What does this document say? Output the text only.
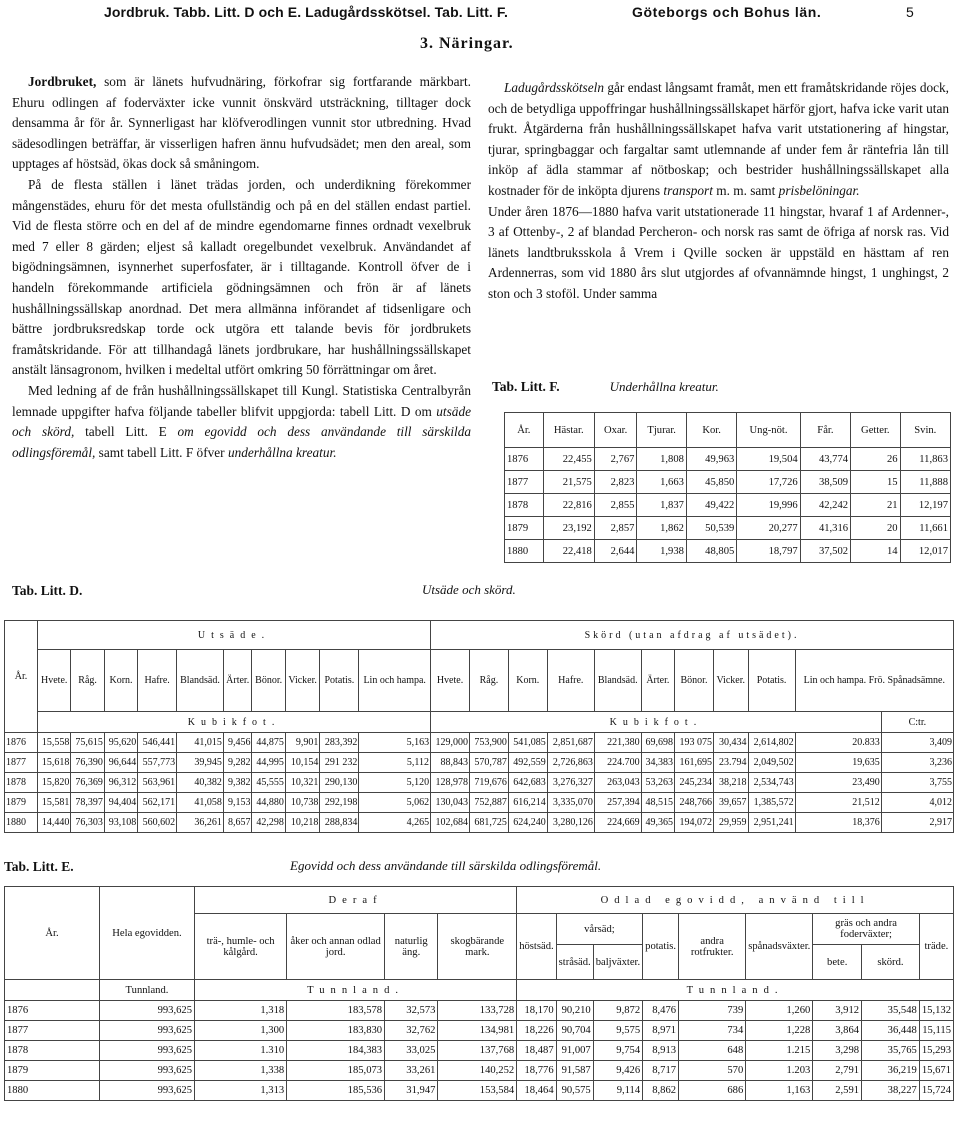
Jordbruk. Tabb. Litt. D och E. Ladugårdsskötsel. Tab. Litt. F.	Göteborgs och Bohus län.	5
3. Näringar.

Jordbruket, som är länets hufvudnäring, förkofrar sig fortfarande märkbart. Ehuru odlingen af foderväxter icke vunnit önskvärd utsträckning, tilltager dock densamma år för år. Synnerligast har klöfverodlingen vunnit stor utbredning. Hvad sädesodlingen beträffar, är visserligen hafren ännu hufvudsädet; men den areal, som upptages af höstsäd, ökas dock så småningom.

På de flesta ställen i länet trädas jorden, och underdikning förekommer mångenstädes, ehuru för det mesta ofullständig och på en del ställen endast partiel. Vid de flesta större och en del af de mindre egendomarne finnes ordnadt vexelbruk med 7 eller 8 gärden; eljest så kalladt oregelbundet vexelbruk. Användandet af bigödningsämnen, isynnerhet superfosfater, är i tilltagande. Kontroll öfver de i handeln förekommande artificiela gödningsämnen och frön är af länets hushållningssällskap anordnad. Det mera allmänna införandet af tidsenligare och bättre jordbruksredskap torde ock utgöra ett talande bevis för jordbrukets framåtskridande. För att tillhandagå länets jordbrukare, har hushållningssällskapet anstält länsagronom, hvilken i medeltal utfört omkring 50 förrättningar om året.

Med ledning af de från hushållningssällskapet till Kungl. Statistiska Centralbyrån lemnade uppgifter hafva följande tabeller blifvit uppgjorda: tabell Litt. D om utsäde och skörd, tabell Litt. E om egovidd och dess användande till särskilda odlingsföremål, samt tabell Litt. F öfver underhållna kreatur.

Ladugårdsskötseln går endast långsamt framåt, men ett framåtskridande röjes dock, och de betydliga uppoffringar hushållningssällskapet härför gjort, hafva icke varit utan frukt. Åtgärderna från hushållningssällskapet hafva varit utstationering af hingstar, tjurar, springbaggar och fargaltar samt utlemnande af under fem år räntefria lån till inköp af ädla stammar af nötboskap; och bestrider hushållningssällskapet alla kostnader för de inköpta djurens transport m. m. samt prisbelöningar.

Under åren 1876—1880 hafva varit utstationerade 11 hingstar, hvaraf 1 af Ardenner-, 3 af Ottenby-, 2 af blandad Percheron- och norsk ras samt de öfriga af norsk ras. Vid länets landtbruksskola å Vrem i Qville socken är uppstäld en hästtam af ren Ardennerras, som vid 1880 års slut utgjordes af ofvannämnde hingst, 1 unghingst, 2 ston och 3 stoföl. Under samma

Tab. Litt. F.	Underhållna kreatur.
År.	Hästar.	Oxar.	Tjurar.	Kor.	Ung-nöt.	Får.	Getter.	Svin.
1876	22,455	2,767	1,808	49,963	19,504	43,774	26	11,863
1877	21,575	2,823	1,663	45,850	17,726	38,509	15	11,888
1878	22,816	2,855	1,837	49,422	19,996	42,242	21	12,197
1879	23,192	2,857	1,862	50,539	20,277	41,316	20	11,661
1880	22,418	2,644	1,938	48,805	18,797	37,502	14	12,017
Tab. Litt. D.	Utsäde och skörd.
År.	Utsäde.										Skörd (utan afdrag af utsädet).										
	Hvete.	Råg.	Korn.	Hafre.	Blandsäd.	Ärter.	Bönor.	Vicker.	Potatis.	Lin och hampa.	Hvete.	Råg.	Korn.	Hafre.	Blandsäd.	Ärter.	Bönor.	Vicker.	Potatis.	Lin och hampa. Frö. Spånadsämne.	
	Kubikfot.										Kubikfot.										C:tr.
1876	15,558	75,615	95,620	546,441	41,015	9,456	44,875	9,901	283,392	5,163	129,000	753,900	541,085	2,851,687	221,380	69,698	193 075	30,434	2,614,802	20.833	3,409
1877	15,618	76,390	96,644	557,773	39,945	9,282	44,995	10,154	291 232	5,112	88,843	570,787	492,559	2,726,863	224.700	34,383	161,695	23.794	2,049,502	19,635	3,236
1878	15,820	76,369	96,312	563,961	40,382	9,382	45,555	10,321	290,130	5,120	128,978	719,676	642,683	3,276,327	263,043	53,263	245,234	38,218	2,534,743	23,490	3,755
1879	15,581	78,397	94,404	562,171	41,058	9,153	44,880	10,738	292,198	5,062	130,043	752,887	616,214	3,335,070	257,394	48,515	248,766	39,657	1,385,572	21,512	4,012
1880	14,440	76,303	93,108	560,602	36,261	8,657	42,298	10,218	288,834	4,265	102,684	681,725	624,240	3,280,126	224,669	49,365	194,072	29,959	2,951,241	18,376	2,917
Tab. Litt. E.	Egovidd och dess användande till särskilda odlingsföremål.
År.	Hela egovidden.	Deraf				Odlad egovidd, använd till								
		trä-, humle- och kålgård.	åker och annan odlad jord.	naturlig äng.	skogbärande mark.	höstsäd.	vårsäd;		potatis.	andra rotfrukter.	spånadsväxter.	gräs och andra foderväxter;		träde.
							stråsäd.	baljväxter.				bete.	skörd.	
	Tunnland.	Tunnland.				Tunnland.								
1876	993,625	1,318	183,578	32,573	133,728	18,170	90,210	9,872	8,476	739	1,260	3,912	35,548	15,132
1877	993,625	1,300	183,830	32,762	134,981	18,226	90,704	9,575	8,971	734	1,228	3,864	36,448	15,115
1878	993,625	1.310	184,383	33,025	137,768	18,487	91,007	9,754	8,913	648	1.215	3,298	35,765	15,293
1879	993,625	1,338	185,073	33,261	140,252	18,776	91,587	9,426	8,717	570	1.203	2,791	36,219	15,671
1880	993,625	1,313	185,536	31,947	153,584	18,464	90,575	9,114	8,862	686	1,163	2,591	38,227	15,724
